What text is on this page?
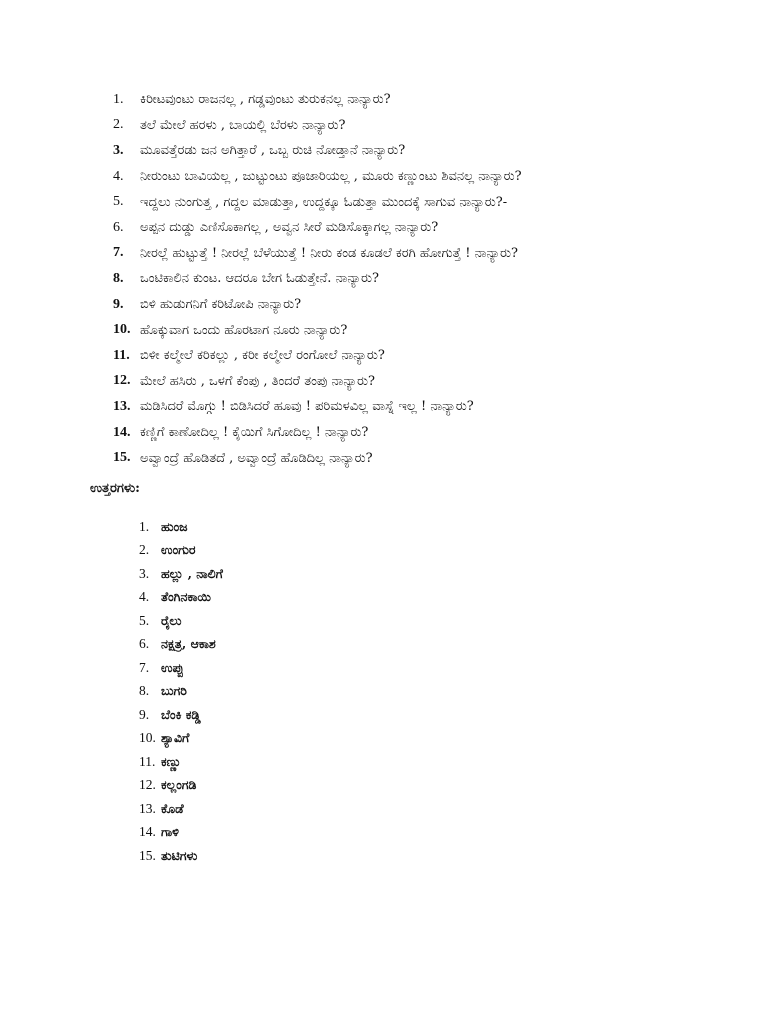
1.	ಕಿರೀಟವುಂಟು ರಾಜನಲ್ಲ , ಗಡ್ಡವುಂಟು ತುರುಕನಲ್ಲ ನಾನ್ಯಾರು?
2.	ತಲೆ ಮೇಲೆ ಹರಳು , ಬಾಯಲ್ಲಿ ಬೆರಳು ನಾನ್ಯಾರು?
3.	ಮೂವತ್ತೆರಡು ಜನ ಅಗಿತ್ತಾರೆ , ಒಬ್ಬ ರುಚಿ ನೋಡ್ತಾನೆ ನಾನ್ಯಾರು?
4.	ನೀರುಂಟು ಬಾವಿಯಲ್ಲ , ಜುಟ್ಟುಂಟು ಪೂಜಾರಿಯಲ್ಲ , ಮೂರು ಕಣ್ಣುಂಟು ಶಿವನಲ್ಲ ನಾನ್ಯಾರು?
5.	ಇದ್ದಲು ನುಂಗುತ್ತ , ಗದ್ದಲ ಮಾಡುತ್ತಾ, ಉದ್ದಕ್ಕೂ ಓಡುತ್ತಾ ಮುಂದಕ್ಕೆ ಸಾಗುವ ನಾನ್ಯಾರು?-
6.	ಅಪ್ಪನ ದುಡ್ಡು ಎಣಿಸೊಕಾಗಲ್ಲ , ಅವ್ವನ ಸೀರೆ ಮಡಿಸೊಕ್ಕಾಗಲ್ಲ ನಾನ್ಯಾರು?
7.	ನೀರಲ್ಲೆ ಹುಟ್ಟುತ್ತೆ ! ನೀರಲ್ಲೆ ಬೆಳೆಯುತ್ತೆ ! ನೀರು ಕಂಡ ಕೂಡಲೆ ಕರಗಿ ಹೋಗುತ್ತೆ ! ನಾನ್ಯಾರು?
8.	ಒಂಟಿಕಾಲಿನ ಕುಂಟ. ಆದರೂ ಬೇಗ ಓಡುತ್ತೇನೆ. ನಾನ್ಯಾರು?
9.	ಬಿಳಿ ಹುಡುಗನಿಗೆ ಕರಿಟೋಪಿ ನಾನ್ಯಾರು?
10. ಹೊಕ್ಕುವಾಗ ಒಂದು ಹೊರಟಾಗ ನೂರು ನಾನ್ಯಾರು?
11. ಬಿಳೀ ಕಲ್ಮೇಲೆ ಕರಿಕಲ್ಲು , ಕರೀ ಕಲ್ಮೇಲೆ ರಂಗೋಲೆ ನಾನ್ಯಾರು?
12. ಮೇಲೆ ಹಸಿರು , ಒಳಗೆ ಕೆಂಪು , ತಿಂದರೆ ತಂಪು ನಾನ್ಯಾರು?
13. ಮಡಿಸಿದರೆ ಮೊಗ್ಗು ! ಬಿಡಿಸಿದರೆ ಹೂವು ! ಪರಿಮಳವಿಲ್ಲ ವಾಸ್ನೆ ಇಲ್ಲ ! ನಾನ್ಯಾರು?
14. ಕಣ್ಣಿಗೆ ಕಾಣೋದಿಲ್ಲ ! ಕೈಯಿಗೆ ಸಿಗೋದಿಲ್ಲ ! ನಾನ್ಯಾರು?
15. ಅವ್ವಾಂದ್ರೆ ಹೊಡಿತದೆ , ಅವ್ವಾಂದ್ರೆ ಹೊಡಿದಿಲ್ಲ ನಾನ್ಯಾರು?
ಉತ್ತರಗಳು:
1. ಹುಂಜ
2. ಉಂಗುರ
3. ಹಲ್ಲು , ನಾಲಿಗೆ
4. ತೆಂಗಿನಕಾಯಿ
5. ರೈಲು
6. ನಕ್ಷತ್ರ, ಆಕಾಶ
7. ಉಪ್ಪು
8. ಬುಗರಿ
9. ಬೆಂಕಿ ಕಡ್ಡಿ
10. ಶ್ಯಾವಿಗೆ
11. ಕಣ್ಣು
12. ಕಲ್ಲಂಗಡಿ
13. ಕೊಡೆ
14. ಗಾಳಿ
15. ತುಟಿಗಳು
